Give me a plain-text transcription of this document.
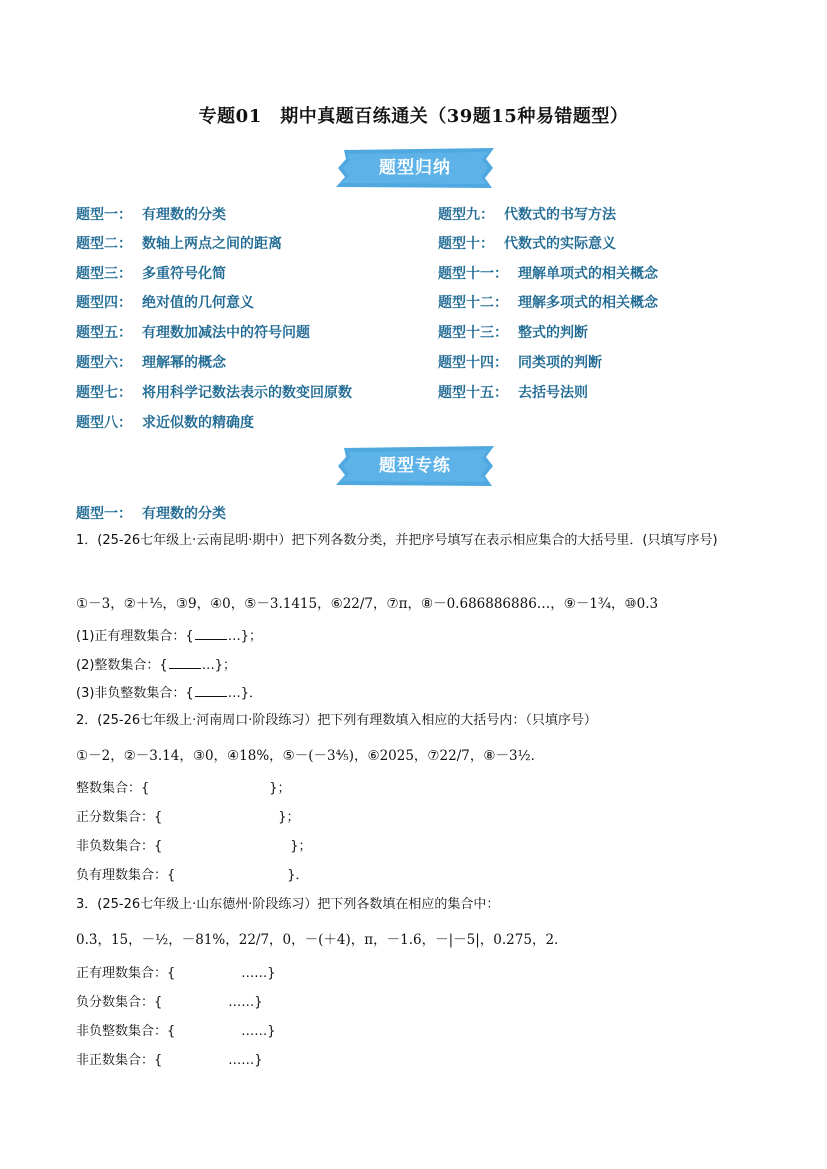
专题01　期中真题百练通关（39题15种易错题型）
题型归纳
题型一： 有理数的分类
题型二： 数轴上两点之间的距离
题型三： 多重符号化简
题型四： 绝对值的几何意义
题型五： 有理数加减法中的符号问题
题型六： 理解幂的概念
题型七： 将用科学记数法表示的数变回原数
题型八： 求近似数的精确度
题型九： 代数式的书写方法
题型十： 代数式的实际意义
题型十一： 理解单项式的相关概念
题型十二： 理解多项式的相关概念
题型十三： 整式的判断
题型十四： 同类项的判断
题型十五： 去括号法则
题型专练
题型一： 有理数的分类
1．(25-26七年级上·云南昆明·期中）把下列各数分类，并把序号填写在表示相应集合的大括号里．(只填写序号)
①－3，②＋⅕，③9，④0，⑤－3.1415，⑥22/7，⑦π，⑧－0.686886886…，⑨－1¾，⑩0.3
(1)正有理数集合：{	…}；
(2)整数集合：{	…}；
(3)非负整数集合：{	…}．
2．(25-26七年级上·河南周口·阶段练习）把下列有理数填入相应的大括号内：（只填序号）
①－2，②－3.14，③0，④18%，⑤－(－3⅘)，⑥2025，⑦22/7，⑧－3½．
整数集合：{	}；
正分数集合：{	}；
非负数集合：{	}；
负有理数集合：{	}．
3．(25-26七年级上·山东德州·阶段练习）把下列各数填在相应的集合中：
0.3̇，15，－½，－81%，22/7，0，－(＋4)，π，－1.6，－|－5|，0.275，2．
正有理数集合：{	……}
负分数集合：{	……}
非负整数集合：{	……}
非正数集合：{	……}
